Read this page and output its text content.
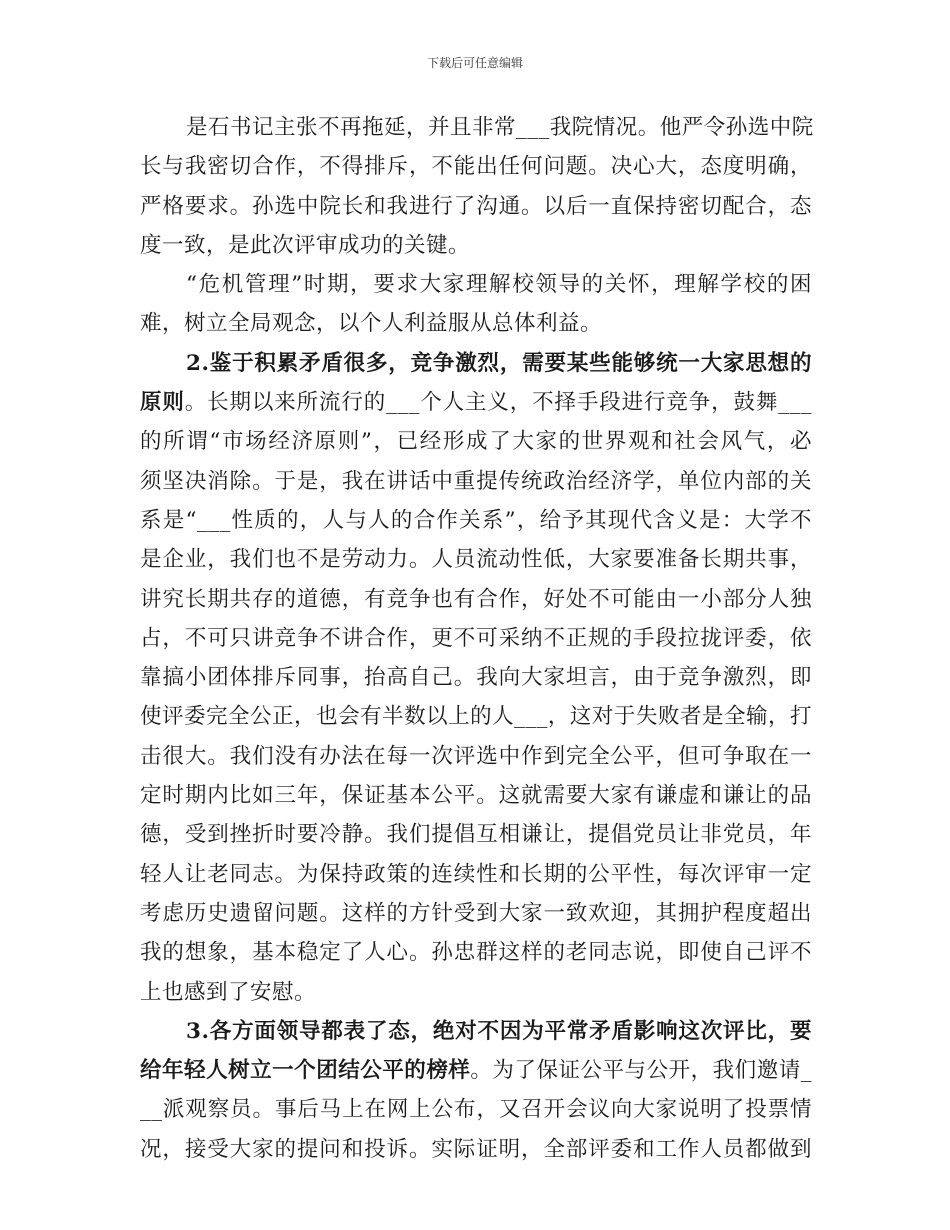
下载后可任意编辑
是石书记主张不再拖延，并且非常___我院情况。他严令孙选中院
长与我密切合作，不得排斥，不能出任何问题。决心大，态度明确，
严格要求。孙选中院长和我进行了沟通。以后一直保持密切配合，态
度一致，是此次评审成功的关键。
“危机管理”时期，要求大家理解校领导的关怀，理解学校的困
难，树立全局观念，以个人利益服从总体利益。
2.鉴于积累矛盾很多，竞争激烈，需要某些能够统一大家思想的
原则。长期以来所流行的___个人主义，不择手段进行竞争，鼓舞___
的所谓“市场经济原则”，已经形成了大家的世界观和社会风气，必
须坚决消除。于是，我在讲话中重提传统政治经济学，单位内部的关
系是“___性质的，人与人的合作关系”，给予其现代含义是：大学不
是企业，我们也不是劳动力。人员流动性低，大家要准备长期共事，
讲究长期共存的道德，有竞争也有合作，好处不可能由一小部分人独
占，不可只讲竞争不讲合作，更不可采纳不正规的手段拉拢评委，依
靠搞小团体排斥同事，抬高自己。我向大家坦言，由于竞争激烈，即
使评委完全公正，也会有半数以上的人___，这对于失败者是全输，打
击很大。我们没有办法在每一次评选中作到完全公平，但可争取在一
定时期内比如三年，保证基本公平。这就需要大家有谦虚和谦让的品
德，受到挫折时要冷静。我们提倡互相谦让，提倡党员让非党员，年
轻人让老同志。为保持政策的连续性和长期的公平性，每次评审一定
考虑历史遗留问题。这样的方针受到大家一致欢迎，其拥护程度超出
我的想象，基本稳定了人心。孙忠群这样的老同志说，即使自己评不
上也感到了安慰。
3.各方面领导都表了态，绝对不因为平常矛盾影响这次评比，要
给年轻人树立一个团结公平的榜样。为了保证公平与公开，我们邀请_
__派观察员。事后马上在网上公布，又召开会议向大家说明了投票情
况，接受大家的提问和投诉。实际证明，全部评委和工作人员都做到
